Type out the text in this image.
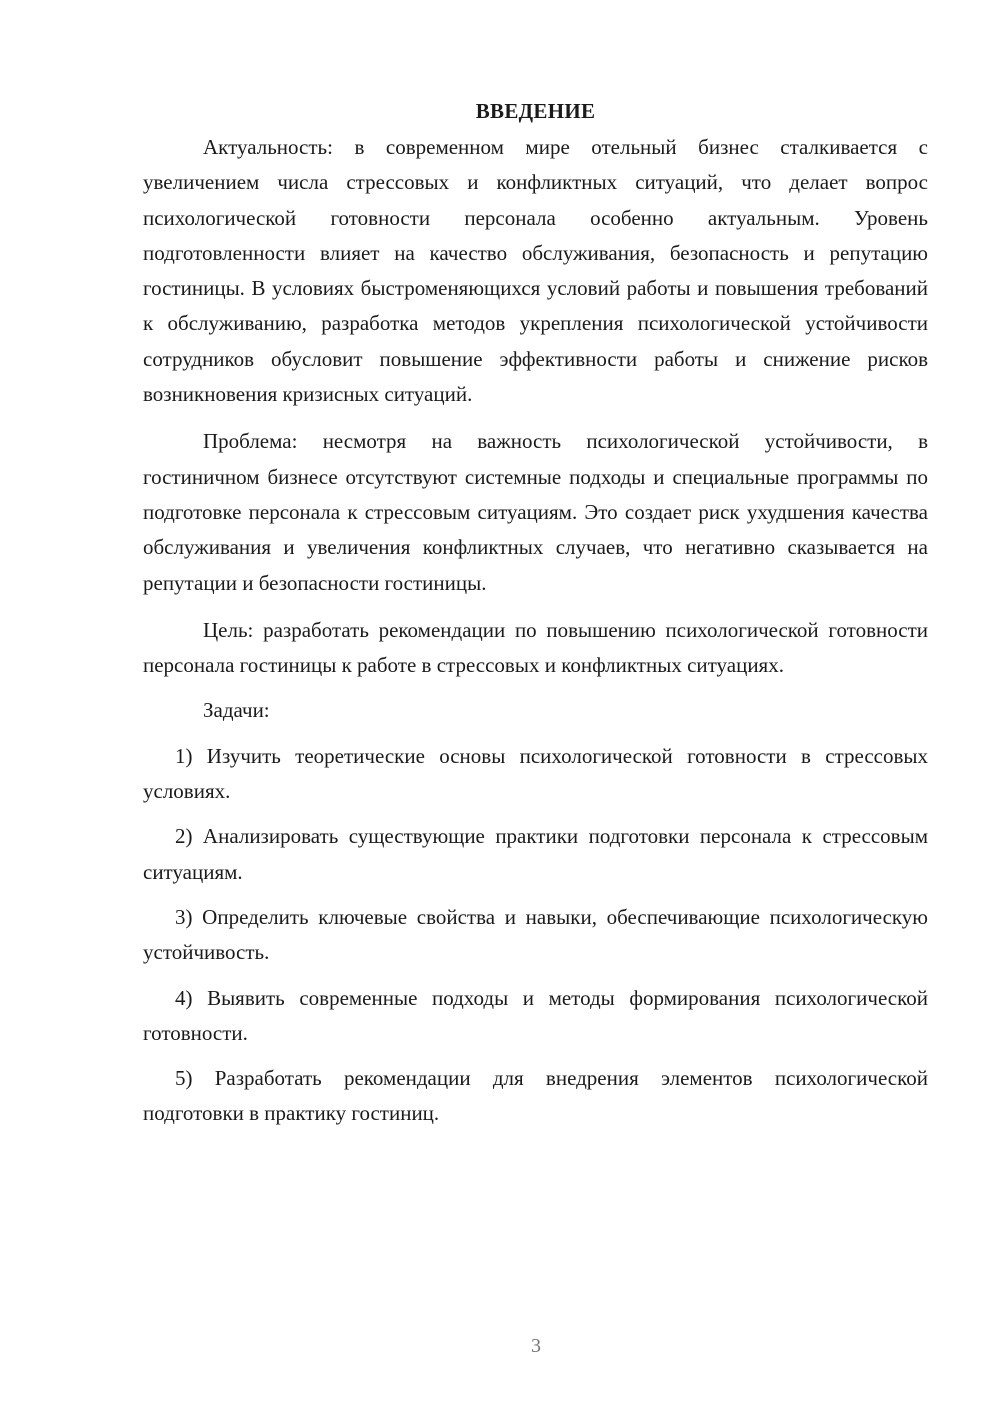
ВВЕДЕНИЕ

Актуальность: в современном мире отельный бизнес сталкивается с увеличением числа стрессовых и конфликтных ситуаций, что делает вопрос психологической готовности персонала особенно актуальным. Уровень подготовленности влияет на качество обслуживания, безопасность и репутацию гостиницы. В условиях быстроменяющихся условий работы и повышения требований к обслуживанию, разработка методов укрепления психологической устойчивости сотрудников обусловит повышение эффективности работы и снижение рисков возникновения кризисных ситуаций.

Проблема: несмотря на важность психологической устойчивости, в гостиничном бизнесе отсутствуют системные подходы и специальные программы по подготовке персонала к стрессовым ситуациям. Это создает риск ухудшения качества обслуживания и увеличения конфликтных случаев, что негативно сказывается на репутации и безопасности гостиницы.

Цель: разработать рекомендации по повышению психологической готовности персонала гостиницы к работе в стрессовых и конфликтных ситуациях.

Задачи:

1) Изучить теоретические основы психологической готовности в стрессовых условиях.

2) Анализировать существующие практики подготовки персонала к стрессовым ситуациям.

3) Определить ключевые свойства и навыки, обеспечивающие психологическую устойчивость.

4) Выявить современные подходы и методы формирования психологической готовности.

5) Разработать рекомендации для внедрения элементов психологической подготовки в практику гостиниц.

3
